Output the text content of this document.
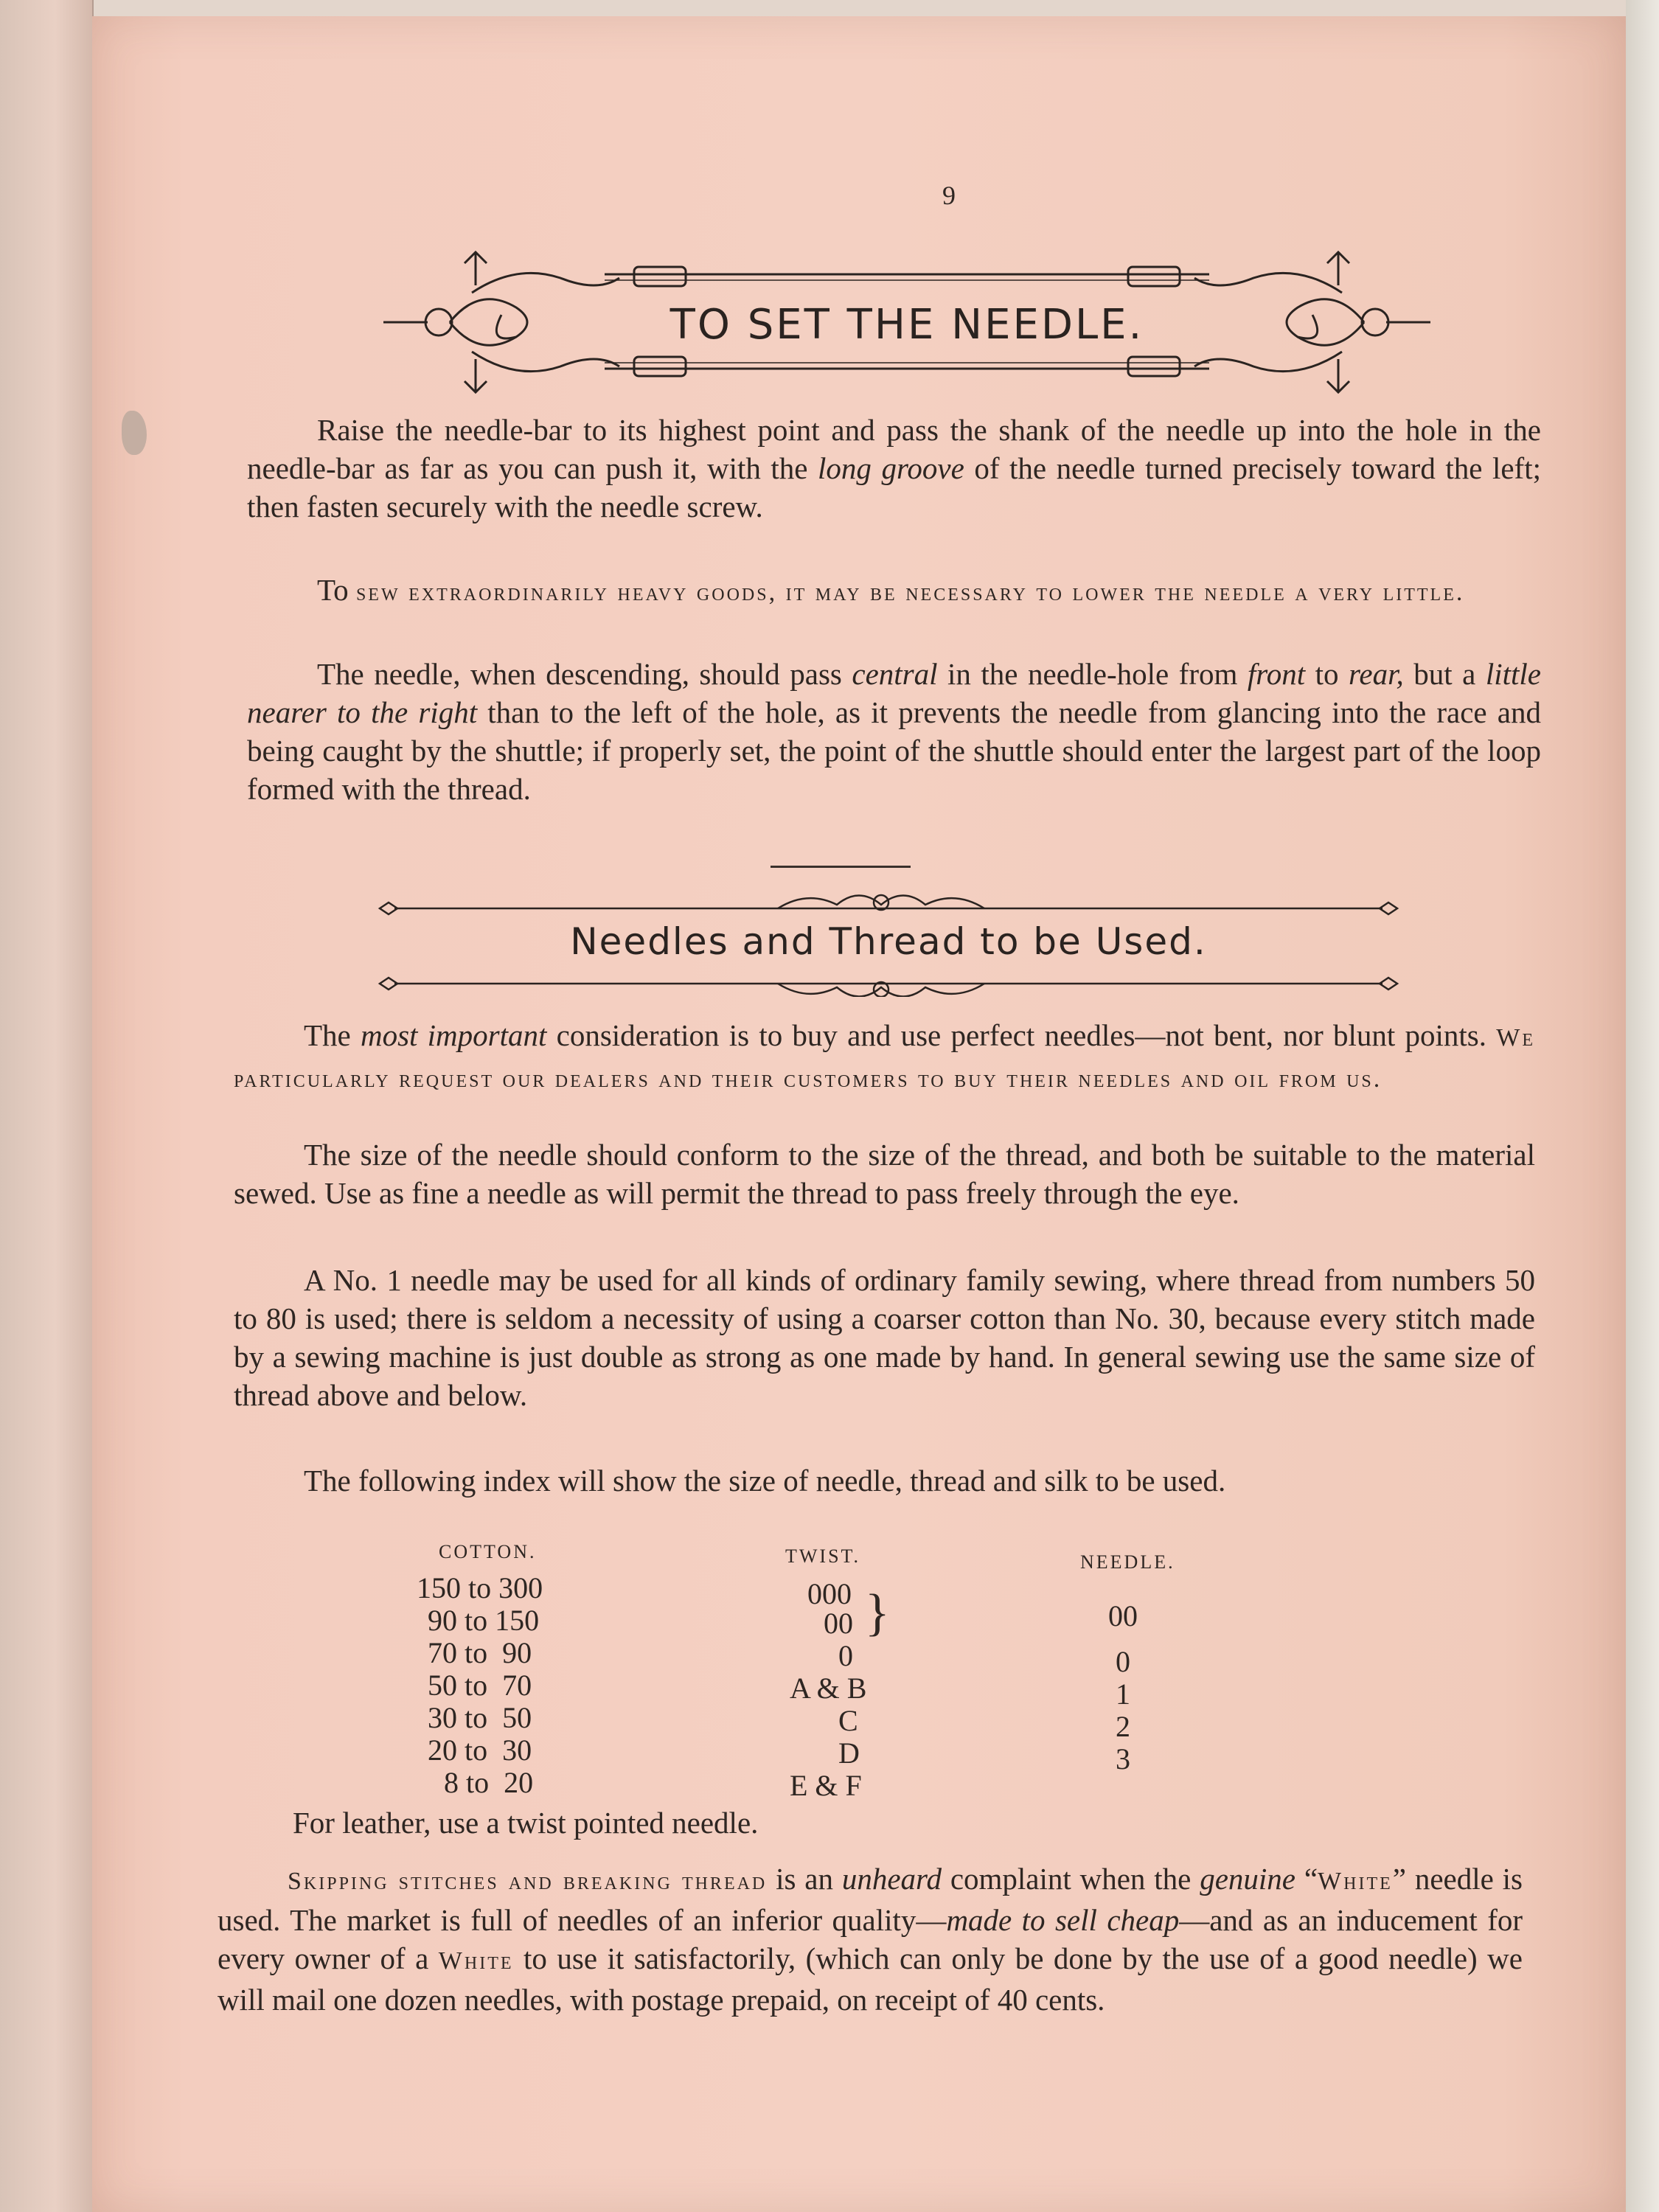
9
TO SET THE NEEDLE.

Raise the needle-bar to its highest point and pass the shank of the needle up into the hole in the needle-bar as far as you can push it, with the long groove of the needle turned precisely toward the left; then fasten securely with the needle screw.

To sew extraordinarily heavy goods, it may be necessary to lower the needle a very little.

The needle, when descending, should pass central in the needle-hole from front to rear, but a little nearer to the right than to the left of the hole, as it prevents the needle from glancing into the race and being caught by the shuttle; if properly set, the point of the shuttle should enter the largest part of the loop formed with the thread.

Needles and Thread to be Used.

The most important consideration is to buy and use perfect needles—not bent, nor blunt points. We particularly request our dealers and their customers to buy their needles and oil from us.

The size of the needle should conform to the size of the thread, and both be suitable to the material sewed. Use as fine a needle as will permit the thread to pass freely through the eye.

A No. 1 needle may be used for all kinds of ordinary family sewing, where thread from numbers 50 to 80 is used; there is seldom a necessity of using a coarser cotton than No. 30, because every stitch made by a sewing machine is just double as strong as one made by hand. In general sewing use the same size of thread above and below.

The following index will show the size of needle, thread and silk to be used.

COTTON.	TWIST.	NEEDLE.
150 to 300
90 to 150
70 to  90
50 to  70
30 to  50
20 to  30
8 to  20
000
00 }
0
A & B
C
D
E & F
00
0
1
2
3

For leather, use a twist pointed needle.

Skipping stitches and breaking thread is an unheard complaint when the genuine “White” needle is used. The market is full of needles of an inferior quality—made to sell cheap—and as an inducement for every owner of a White to use it satisfactorily, (which can only be done by the use of a good needle) we will mail one dozen needles, with postage prepaid, on receipt of 40 cents.
